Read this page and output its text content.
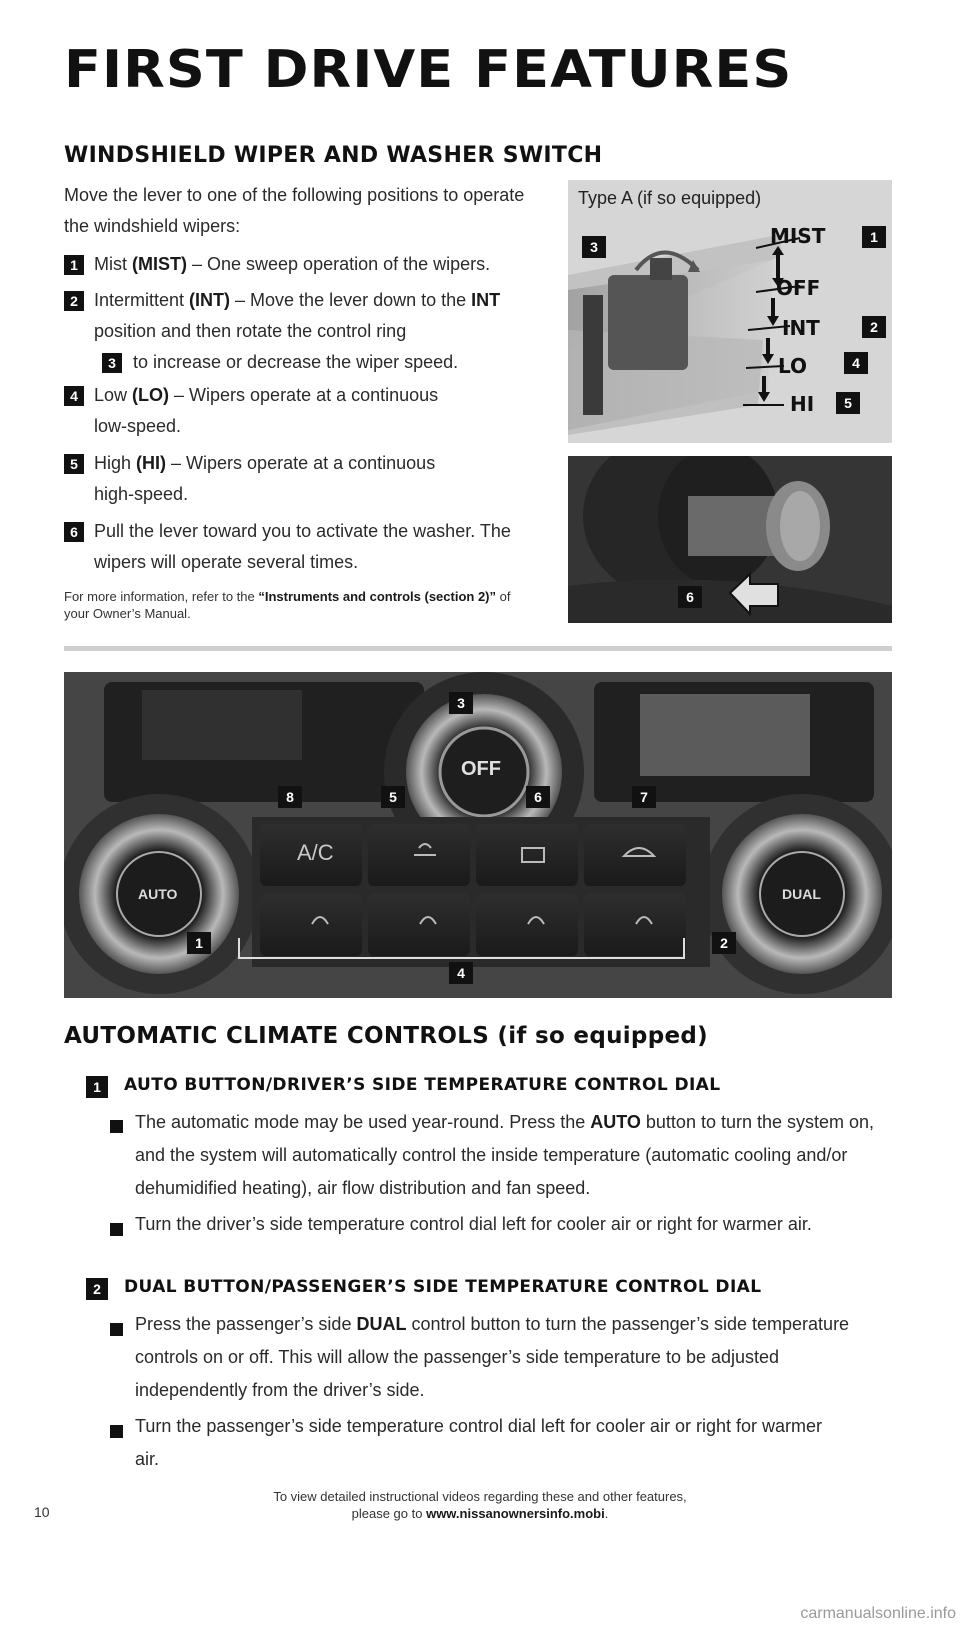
FIRST DRIVE FEATURES
WINDSHIELD WIPER AND WASHER SWITCH
Move the lever to one of the following positions to operate the windshield wipers:
1 Mist (MIST) – One sweep operation of the wipers.
2 Intermittent (INT) – Move the lever down to the INT position and then rotate the control ring
3 to increase or decrease the wiper speed.
4 Low (LO) – Wipers operate at a continuous low-speed.
5 High (HI) – Wipers operate at a continuous high-speed.
6 Pull the lever toward you to activate the washer. The wipers will operate several times.
For more information, refer to the “Instruments and controls (section 2)” of your Owner’s Manual.
Type A (if so equipped)
MIST
OFF
INT
LO
HI
3
1
2
4
5
6
A/C
OFF
AUTO	DUAL
1	2
3
4
5	6	7
8
AUTOMATIC CLIMATE CONTROLS (if so equipped)
1	AUTO BUTTON/DRIVER’S SIDE TEMPERATURE CONTROL DIAL
The automatic mode may be used year-round. Press the AUTO button to turn the system on, and the system will automatically control the inside temperature (automatic cooling and/or dehumidified heating), air flow distribution and fan speed.
Turn the driver’s side temperature control dial left for cooler air or right for warmer air.
2	DUAL BUTTON/PASSENGER’S SIDE TEMPERATURE CONTROL DIAL
Press the passenger’s side DUAL control button to turn the passenger’s side temperature controls on or off. This will allow the passenger’s side temperature to be adjusted independently from the driver’s side.
Turn the passenger’s side temperature control dial left for cooler air or right for warmer air.
To view detailed instructional videos regarding these and other features,
please go to www.nissanownersinfo.mobi.
10
carmanualsonline.info
